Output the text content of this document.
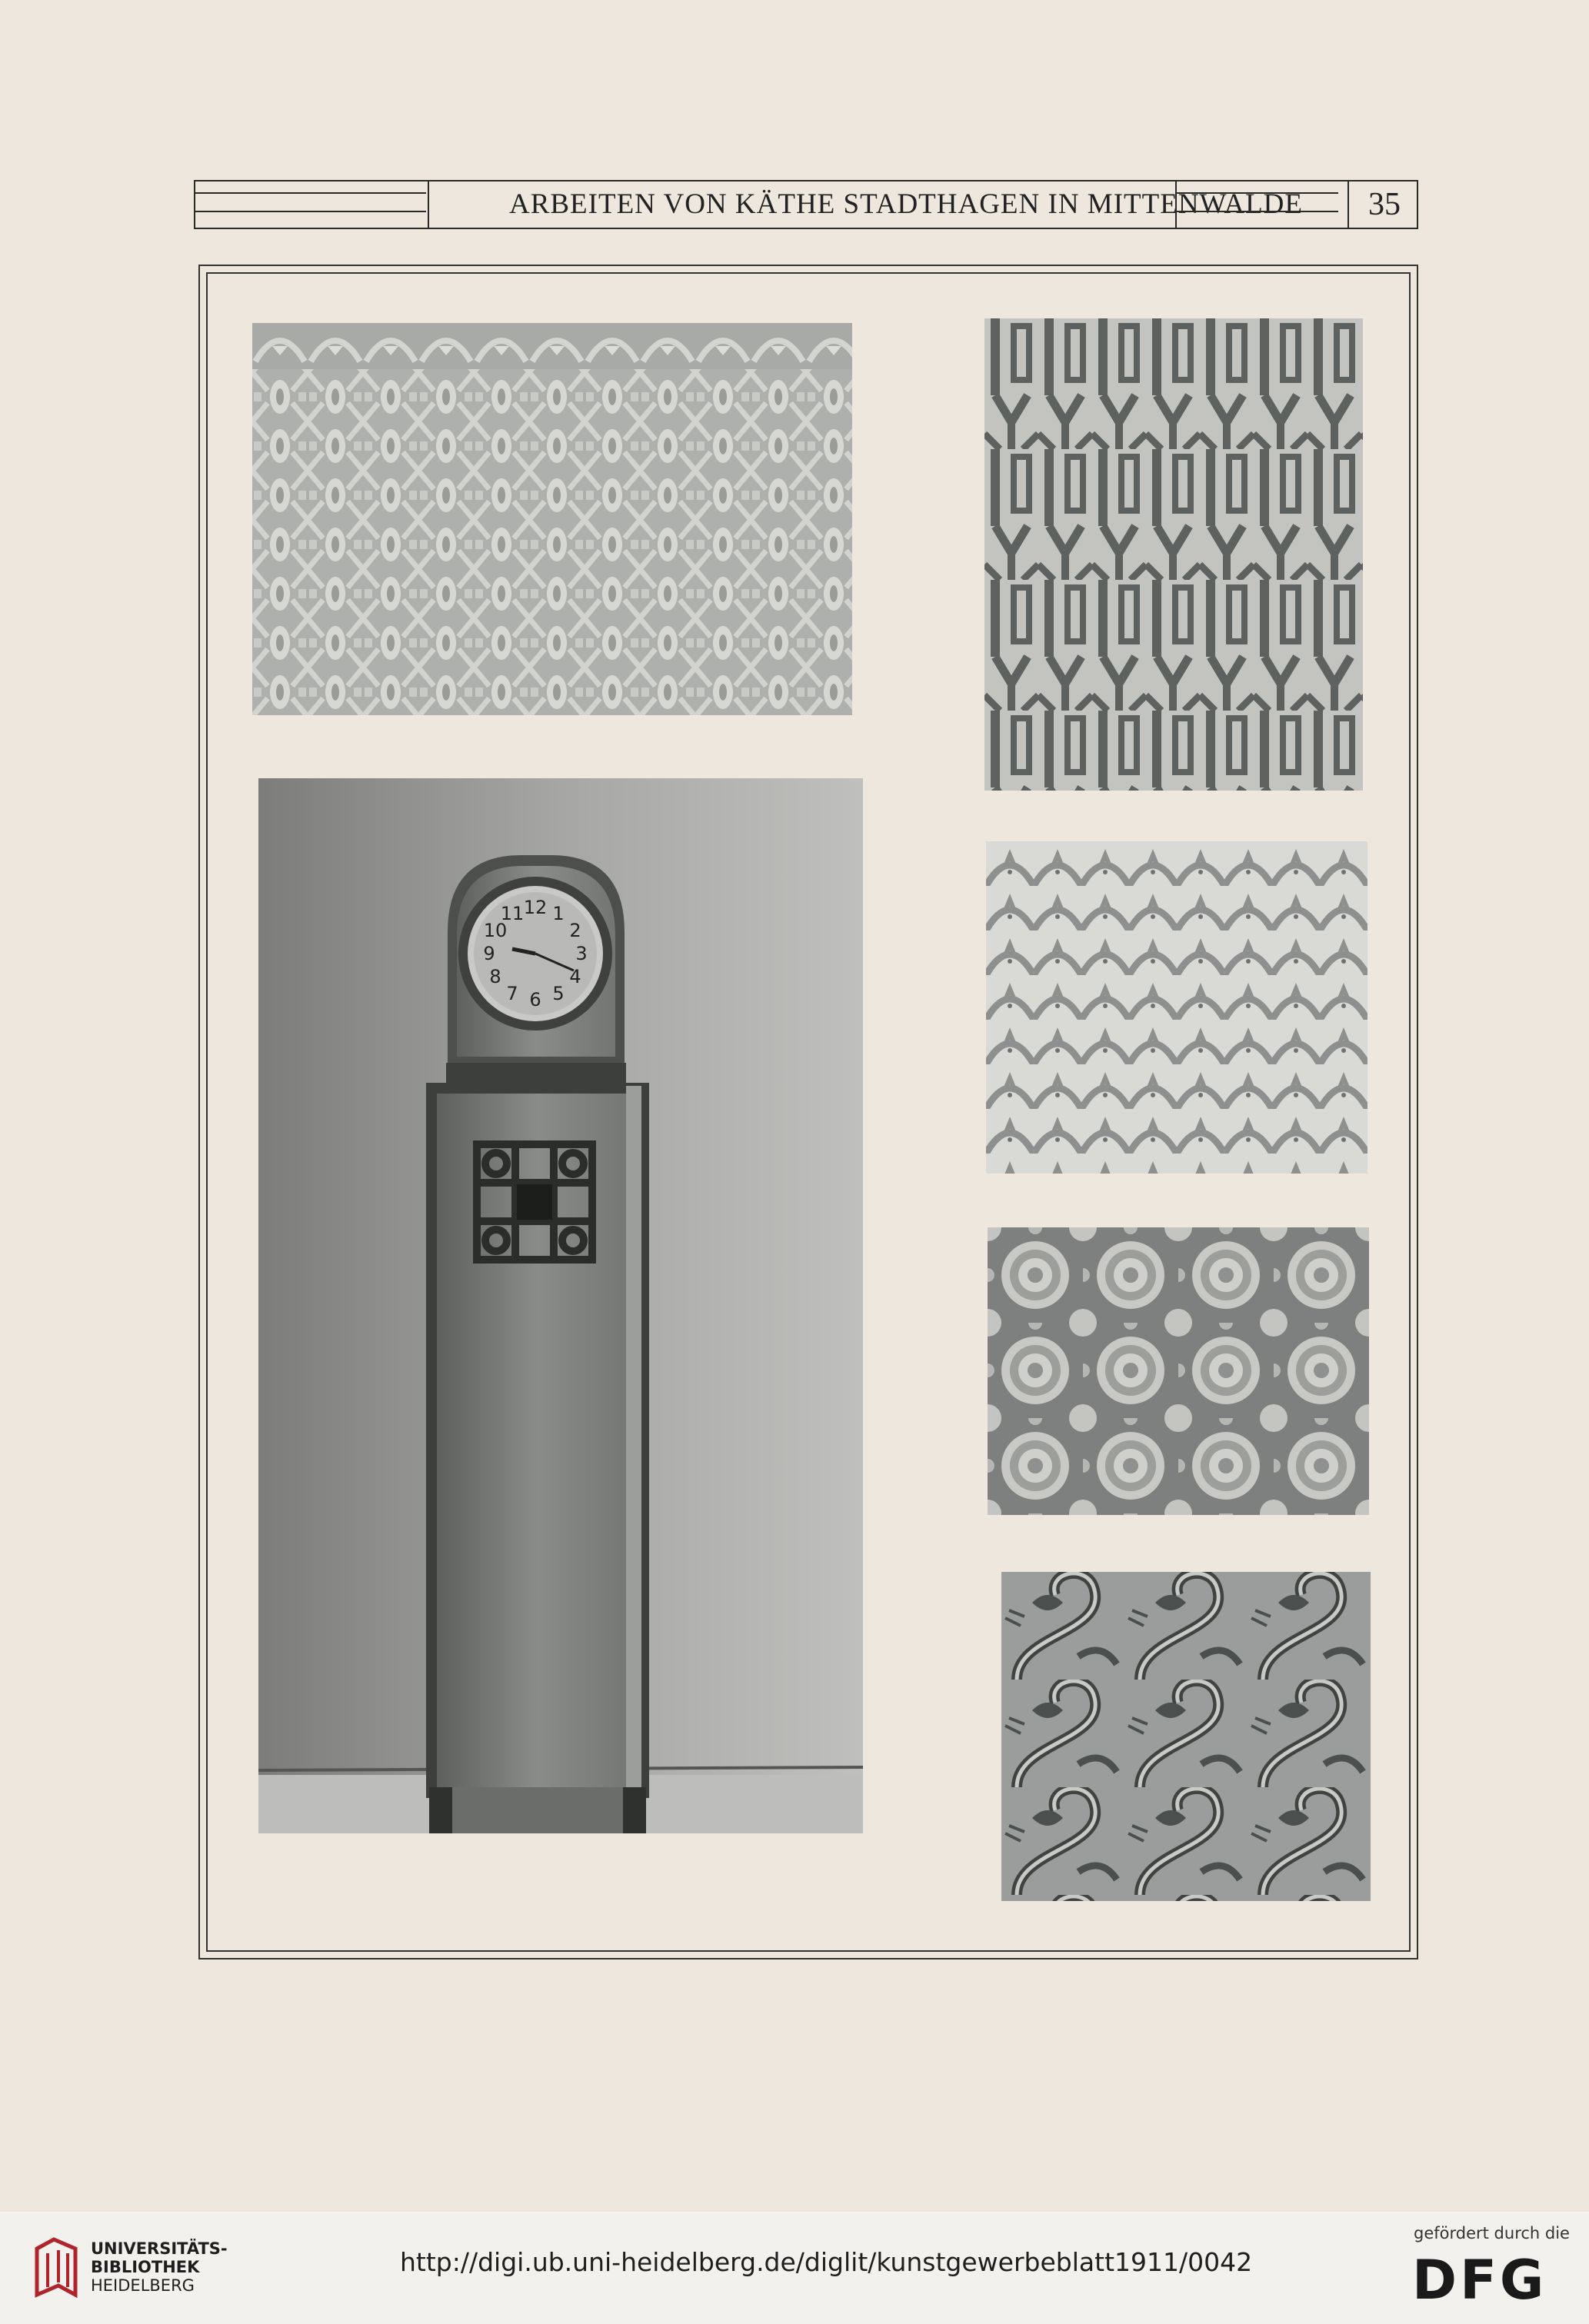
ARBEITEN VON KÄTHE STADTHAGEN IN MITTENWALDE	35
12 1
2
3
4
5
6
7
8
9
10
11
UNIVERSITÄTS-
BIBLIOTHEK
HEIDELBERG
http://digi.ub.uni-heidelberg.de/diglit/kunstgewerbeblatt1911/0042
gefördert durch die
DFG
